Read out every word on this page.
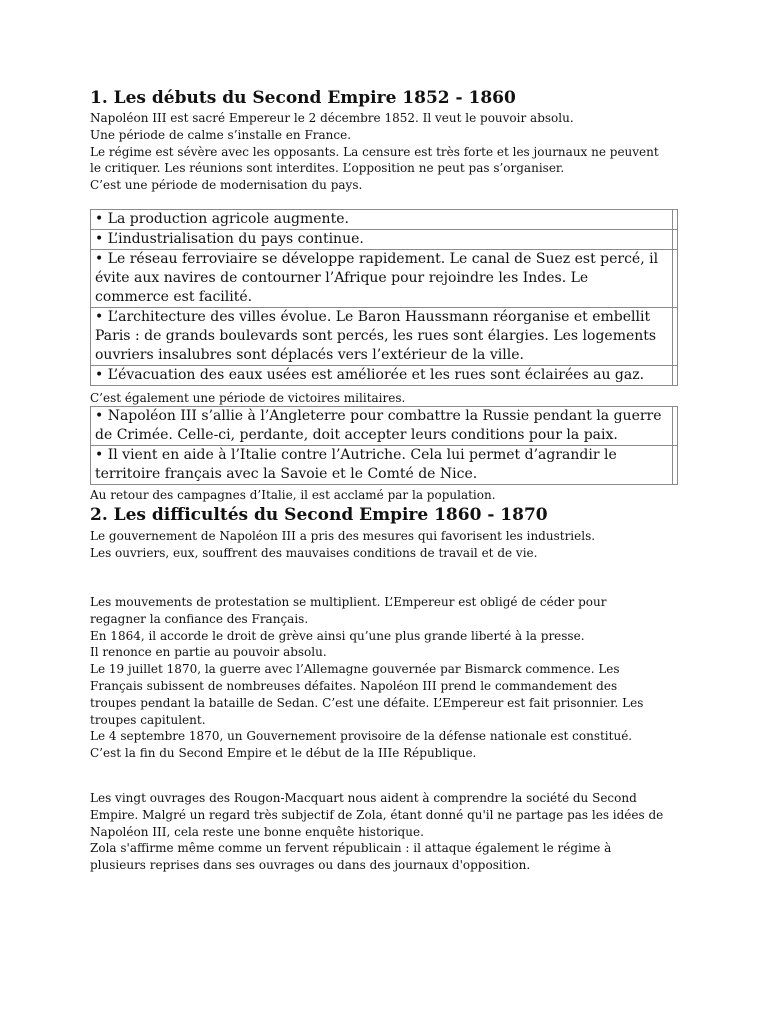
1. Les débuts du Second Empire 1852 - 1860
Napoléon III est sacré Empereur le 2 décembre 1852. Il veut le pouvoir absolu.
Une période de calme s’installe en France.
Le régime est sévère avec les opposants. La censure est très forte et les journaux ne peuvent
le critiquer. Les réunions sont interdites. L’opposition ne peut pas s’organiser.
C’est une période de modernisation du pays.
• La production agricole augmente.	

• L’industrialisation du pays continue.	

• Le réseau ferroviaire se développe rapidement. Le canal de Suez est percé, il
évite aux navires de contourner l’Afrique pour rejoindre les Indes. Le
commerce est facilité.	

• L’architecture des villes évolue. Le Baron Haussmann réorganise et embellit
Paris : de grands boulevards sont percés, les rues sont élargies. Les logements
ouvriers insalubres sont déplacés vers l’extérieur de la ville.	

• L’évacuation des eaux usées est améliorée et les rues sont éclairées au gaz.	

C’est également une période de victoires militaires.
• Napoléon III s’allie à l’Angleterre pour combattre la Russie pendant la guerre
de Crimée. Celle-ci, perdante, doit accepter leurs conditions pour la paix.	

• Il vient en aide à l’Italie contre l’Autriche. Cela lui permet d’agrandir le
territoire français avec la Savoie et le Comté de Nice.	

Au retour des campagnes d’Italie, il est acclamé par la population.
2. Les difficultés du Second Empire 1860 - 1870
Le gouvernement de Napoléon III a pris des mesures qui favorisent les industriels.
Les ouvriers, eux, souffrent des mauvaises conditions de travail et de vie.
Les mouvements de protestation se multiplient. L’Empereur est obligé de céder pour
regagner la confiance des Français.
En 1864, il accorde le droit de grève ainsi qu’une plus grande liberté à la presse.
Il renonce en partie au pouvoir absolu.
Le 19 juillet 1870, la guerre avec l’Allemagne gouvernée par Bismarck commence. Les
Français subissent de nombreuses défaites. Napoléon III prend le commandement des
troupes pendant la bataille de Sedan. C’est une défaite. L’Empereur est fait prisonnier. Les
troupes capitulent.
Le 4 septembre 1870, un Gouvernement provisoire de la défense nationale est constitué.
C’est la fin du Second Empire et le début de la IIIe République.
Les vingt ouvrages des Rougon-Macquart nous aident à comprendre la société du Second
Empire. Malgré un regard très subjectif de Zola, étant donné qu'il ne partage pas les idées de
Napoléon III, cela reste une bonne enquête historique.
Zola s'affirme même comme un fervent républicain : il attaque également le régime à
plusieurs reprises dans ses ouvrages ou dans des journaux d'opposition.
